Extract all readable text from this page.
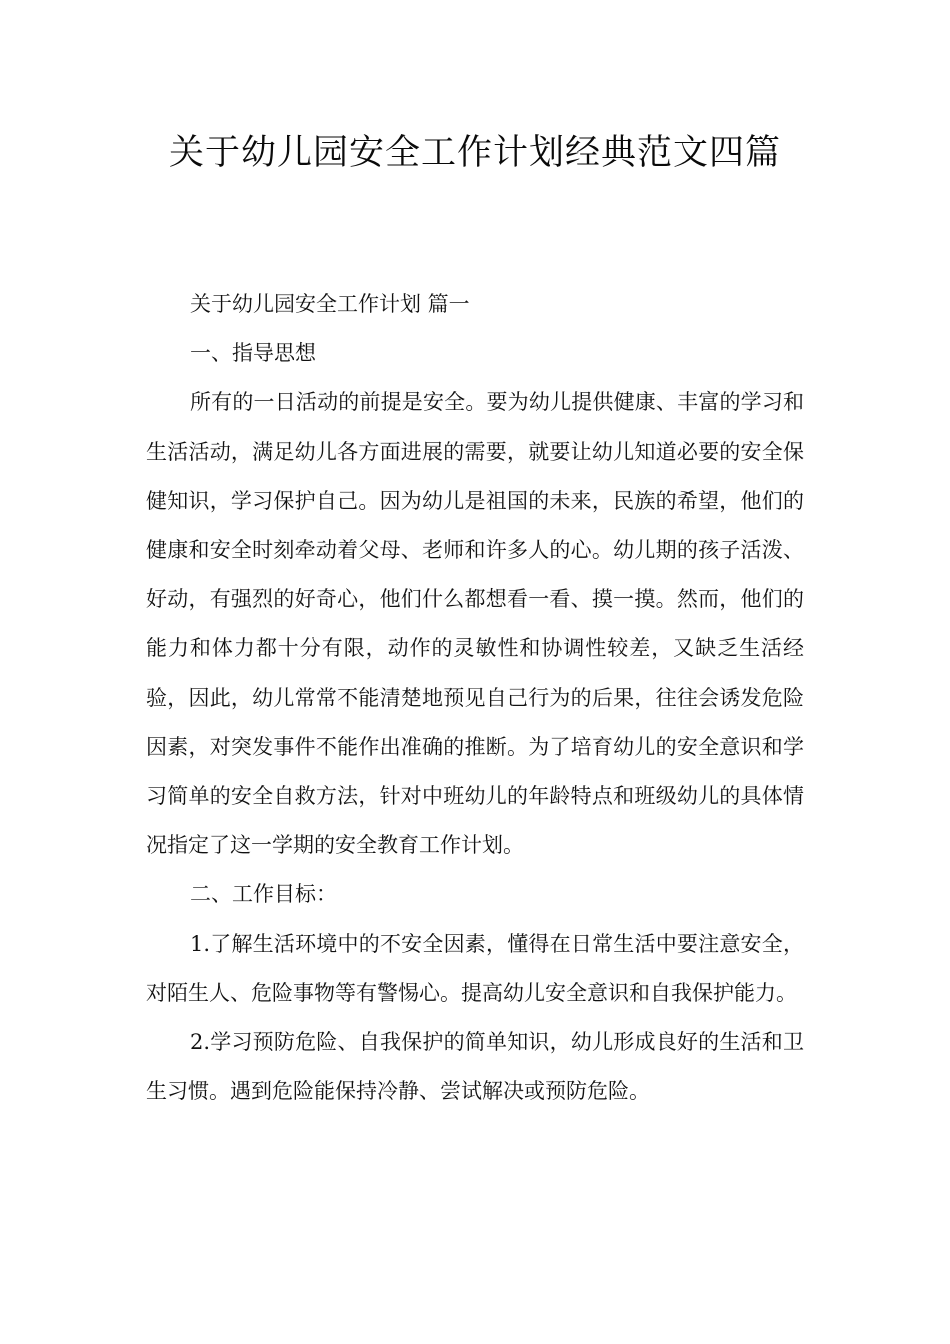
关于幼儿园安全工作计划经典范文四篇

关于幼儿园安全工作计划 篇一

一、指导思想

所有的一日活动的前提是安全。要为幼儿提供健康、丰富的学习和生活活动，满足幼儿各方面进展的需要，就要让幼儿知道必要的安全保健知识，学习保护自己。因为幼儿是祖国的未来，民族的希望，他们的健康和安全时刻牵动着父母、老师和许多人的心。幼儿期的孩子活泼、好动，有强烈的好奇心，他们什么都想看一看、摸一摸。然而，他们的能力和体力都十分有限，动作的灵敏性和协调性较差，又缺乏生活经验，因此，幼儿常常不能清楚地预见自己行为的后果，往往会诱发危险因素，对突发事件不能作出准确的推断。为了培育幼儿的安全意识和学习简单的安全自救方法，针对中班幼儿的年龄特点和班级幼儿的具体情况指定了这一学期的安全教育工作计划。

二、工作目标：

1.了解生活环境中的不安全因素，懂得在日常生活中要注意安全，对陌生人、危险事物等有警惕心。提高幼儿安全意识和自我保护能力。

2.学习预防危险、自我保护的简单知识，幼儿形成良好的生活和卫生习惯。遇到危险能保持冷静、尝试解决或预防危险。
